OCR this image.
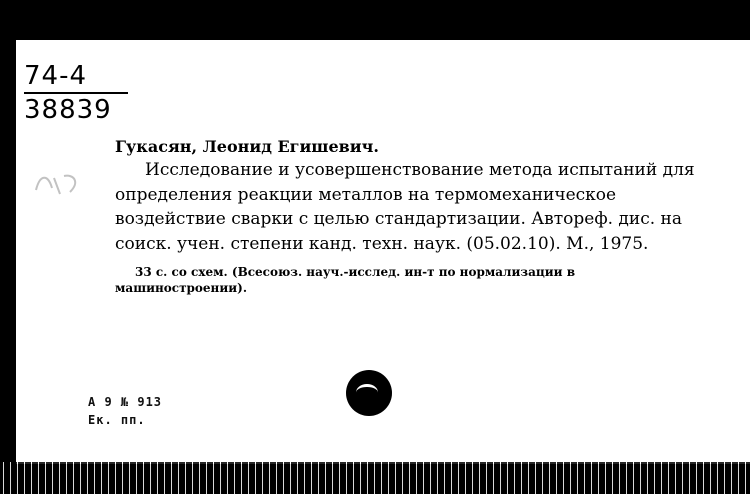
74-4
38839
Гукасян, Леонид Егишевич.
Исследование и усовершенствование метода испытаний для определения реакции металлов на термомеханическое воздействие сварки с целью стандартизации. Автореф. дис. на соиск. учен. степени канд. техн. наук. (05.02.10). М., 1975.
33 с. со схем. (Всесоюз. науч.-исслед. ин-т по нормализации в машиностроении).
А 9 № 913
Ек. пп.
